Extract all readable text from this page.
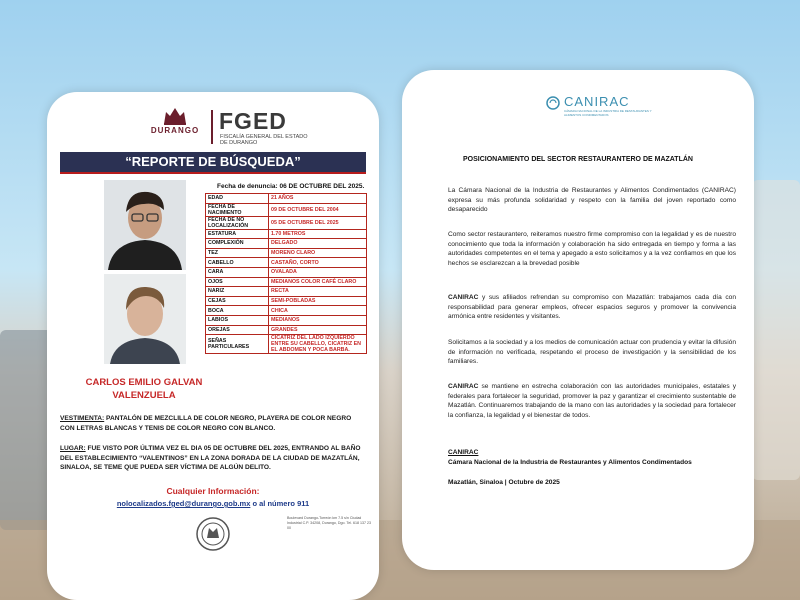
DURANGO FGED
FISCALÍA GENERAL DEL ESTADO DE DURANGO
“REPORTE DE BÚSQUEDA”
Fecha de denuncia: 06 DE OCTUBRE DEL 2025.
EDAD	21 AÑOS
FECHA DE NACIMIENTO	09 DE OCTUBRE DEL 2004
FECHA DE NO LOCALIZACIÓN	05 DE OCTUBRE DEL 2025
ESTATURA	1.70 METROS
COMPLEXIÓN	DELGADO
TEZ	MORENO CLARO
CABELLO	CASTAÑO, CORTO
CARA	OVALADA
OJOS	MEDIANOS COLOR CAFÉ CLARO
NARIZ	RECTA
CEJAS	SEMI-POBLADAS
BOCA	CHICA
LABIOS	MEDIANOS
OREJAS	GRANDES
SEÑAS PARTICULARES	CICATRIZ DEL LADO IZQUIERDO ENTRE SU CABELLO, CICATRIZ EN EL ABDOMEN Y POCA BARBA.
CARLOS EMILIO GALVAN
VALENZUELA
VESTIMENTA: PANTALÓN DE MEZCLILLA DE COLOR NEGRO, PLAYERA DE COLOR NEGRO CON LETRAS BLANCAS Y TENIS DE COLOR NEGRO CON BLANCO.
LUGAR: FUE VISTO POR ÚLTIMA VEZ EL DIA 05 DE OCTUBRE DEL 2025, ENTRANDO AL BAÑO DEL ESTABLECIMIENTO “VALENTINOS” EN LA ZONA DORADA DE LA CIUDAD DE MAZATLÁN, SINALOA, SE TEME QUE PUEDA SER VÍCTIMA DE ALGÚN DELITO.
Cualquier Información:
nolocalizados.fged@durango.gob.mx o al número 911
Boulevard Durango-Torreón km 7.5 s/n Ciudad Industrial C.P. 34208, Durango, Dgo. Tel. 618 137 23 00
CANIRAC
CÁMARA NACIONAL DE LA INDUSTRIA DE RESTAURANTES Y ALIMENTOS CONDIMENTADOS
POSICIONAMIENTO DEL SECTOR RESTAURANTERO DE MAZATLÁN
La Cámara Nacional de la Industria de Restaurantes y Alimentos Condimentados (CANIRAC) expresa su más profunda solidaridad y respeto con la familia del joven reportado como desaparecido
Como sector restaurantero, reiteramos nuestro firme compromiso con la legalidad y es de nuestro conocimiento que toda la información y colaboración ha sido entregada en tiempo y forma a las autoridades competentes en el tema y apegado a esto solicitamos y a la vez confiamos en que los hechos se esclarezcan a la brevedad posible
CANIRAC y sus afiliados refrendan su compromiso con Mazatlán: trabajamos cada día con responsabilidad para generar empleos, ofrecer espacios seguros y promover la convivencia armónica entre residentes y visitantes.
Solicitamos a la sociedad y a los medios de comunicación actuar con prudencia y evitar la difusión de información no verificada, respetando el proceso de investigación y la sensibilidad de los familiares.
CANIRAC se mantiene en estrecha colaboración con las autoridades municipales, estatales y federales para fortalecer la seguridad, promover la paz y garantizar el crecimiento sustentable de Mazatlán. Continuaremos trabajando de la mano con las autoridades y la sociedad para fortalecer la confianza, la legalidad y el bienestar de todos.
CANIRAC
Cámara Nacional de la Industria de Restaurantes y Alimentos Condimentados
Mazatlán, Sinaloa | Octubre de 2025
